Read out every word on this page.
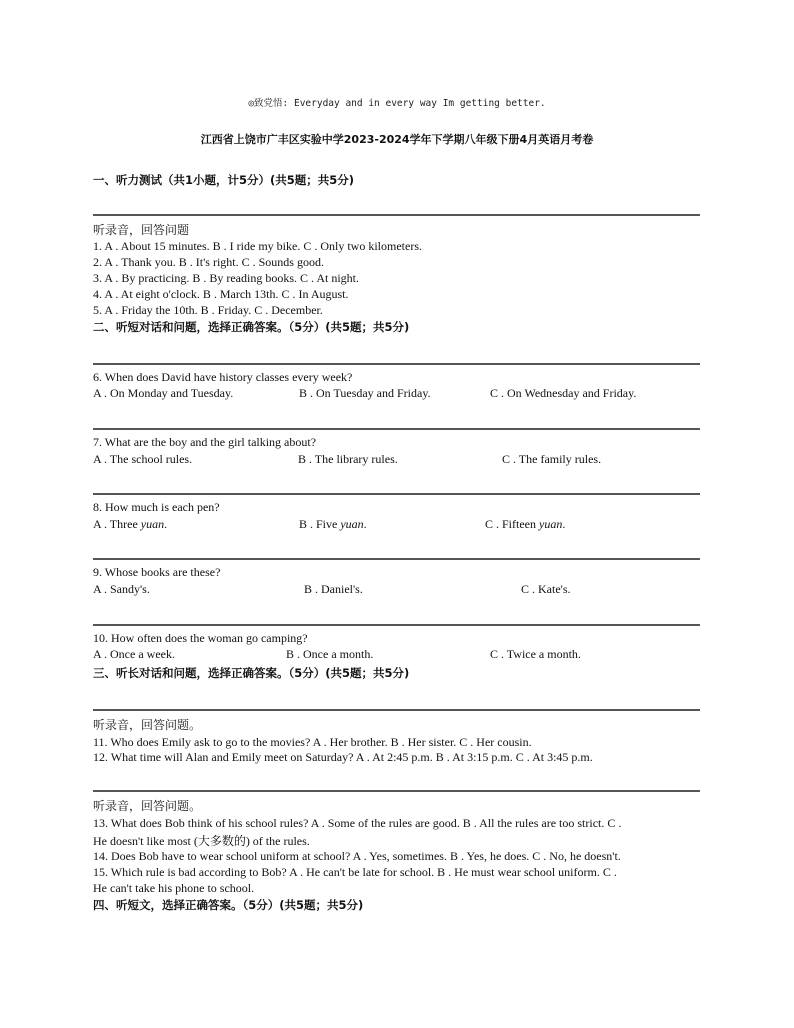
◎致党悟: Everyday and in every way Im getting better.
江西省上饶市广丰区实验中学2023-2024学年下学期八年级下册4月英语月考卷
一、听力测试（共1小题，计5分）(共5题；共5分)
听录音，回答问题
1. A . About 15 minutes. B . I ride my bike. C . Only two kilometers.
2. A . Thank you. B . It's right. C . Sounds good.
3. A . By practicing. B . By reading books. C . At night.
4. A . At eight o'clock. B . March 13th. C . In August.
5. A . Friday the 10th. B . Friday. C . December.
二、听短对话和问题，选择正确答案。（5分）(共5题；共5分)
6. When does David have history classes every week?
A . On Monday and Tuesday.	B . On Tuesday and Friday.	C . On Wednesday and Friday.
7. What are the boy and the girl talking about?
A . The school rules.	B . The library rules.	C . The family rules.
8. How much is each pen?
A . Three yuan.	B . Five yuan.	C . Fifteen yuan.
9. Whose books are these?
A . Sandy's.	B . Daniel's.	C . Kate's.
10. How often does the woman go camping?
A . Once a week.	B . Once a month.	C . Twice a month.
三、听长对话和问题，选择正确答案。（5分）(共5题；共5分)
听录音，回答问题。
11. Who does Emily ask to go to the movies? A . Her brother. B . Her sister. C . Her cousin.
12. What time will Alan and Emily meet on Saturday? A . At 2:45 p.m. B . At 3:15 p.m. C . At 3:45 p.m.
听录音，回答问题。
13. What does Bob think of his school rules? A . Some of the rules are good. B . All the rules are too strict. C .
He doesn't like most (大多数的) of the rules.
14. Does Bob have to wear school uniform at school? A . Yes, sometimes. B . Yes, he does. C . No, he doesn't.
15. Which rule is bad according to Bob? A . He can't be late for school. B . He must wear school uniform. C .
He can't take his phone to school.
四、听短文，选择正确答案。（5分）(共5题；共5分)
